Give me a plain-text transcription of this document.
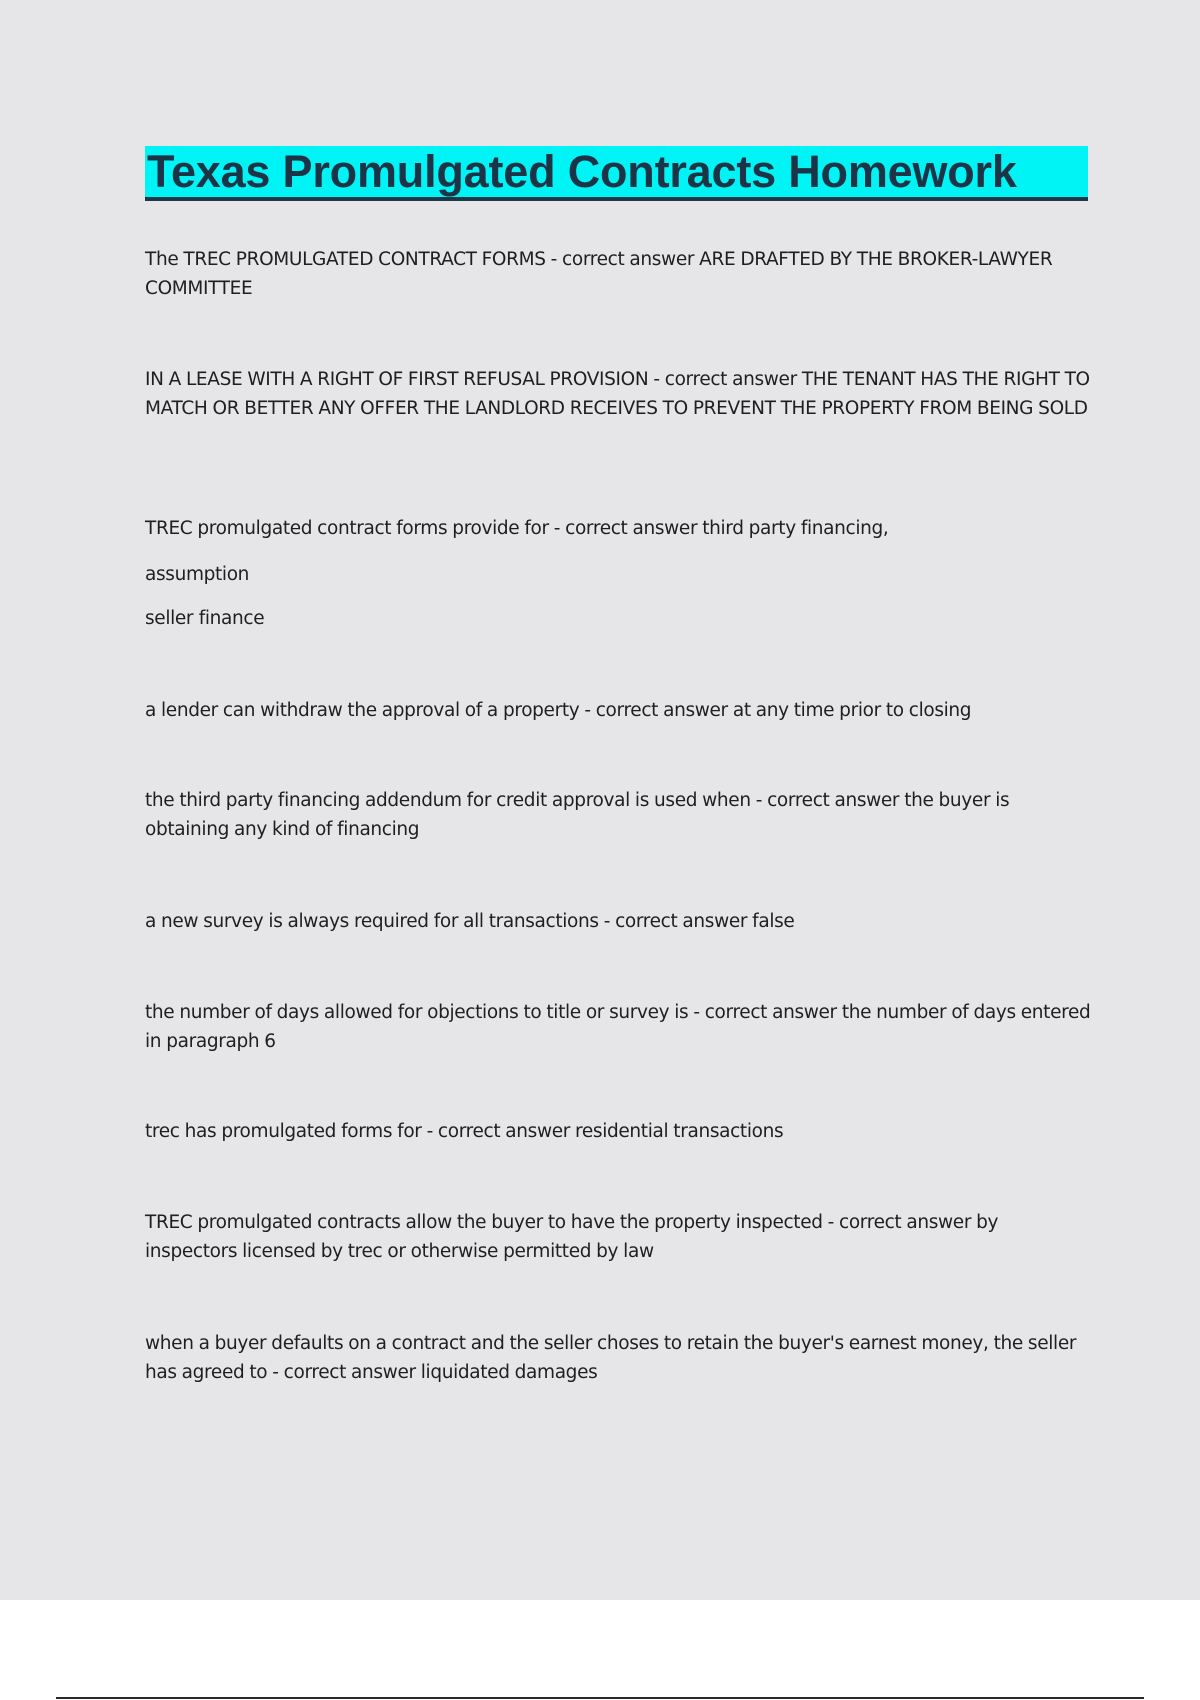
Texas Promulgated Contracts Homework

The TREC PROMULGATED CONTRACT FORMS - correct answer ARE DRAFTED BY THE BROKER-LAWYER COMMITTEE

IN A LEASE WITH A RIGHT OF FIRST REFUSAL PROVISION - correct answer THE TENANT HAS THE RIGHT TO MATCH OR BETTER ANY OFFER THE LANDLORD RECEIVES TO PREVENT THE PROPERTY FROM BEING SOLD

TREC promulgated contract forms provide for - correct answer third party financing,

assumption

seller finance

a lender can withdraw the approval of a property - correct answer at any time prior to closing

the third party financing addendum for credit approval is used when - correct answer the buyer is obtaining any kind of financing

a new survey is always required for all transactions - correct answer false

the number of days allowed for objections to title or survey is - correct answer the number of days entered in paragraph 6

trec has promulgated forms for - correct answer residential transactions

TREC promulgated contracts allow the buyer to have the property inspected - correct answer by inspectors licensed by trec or otherwise permitted by law

when a buyer defaults on a contract and the seller choses to retain the buyer's earnest money, the seller has agreed to - correct answer liquidated damages
